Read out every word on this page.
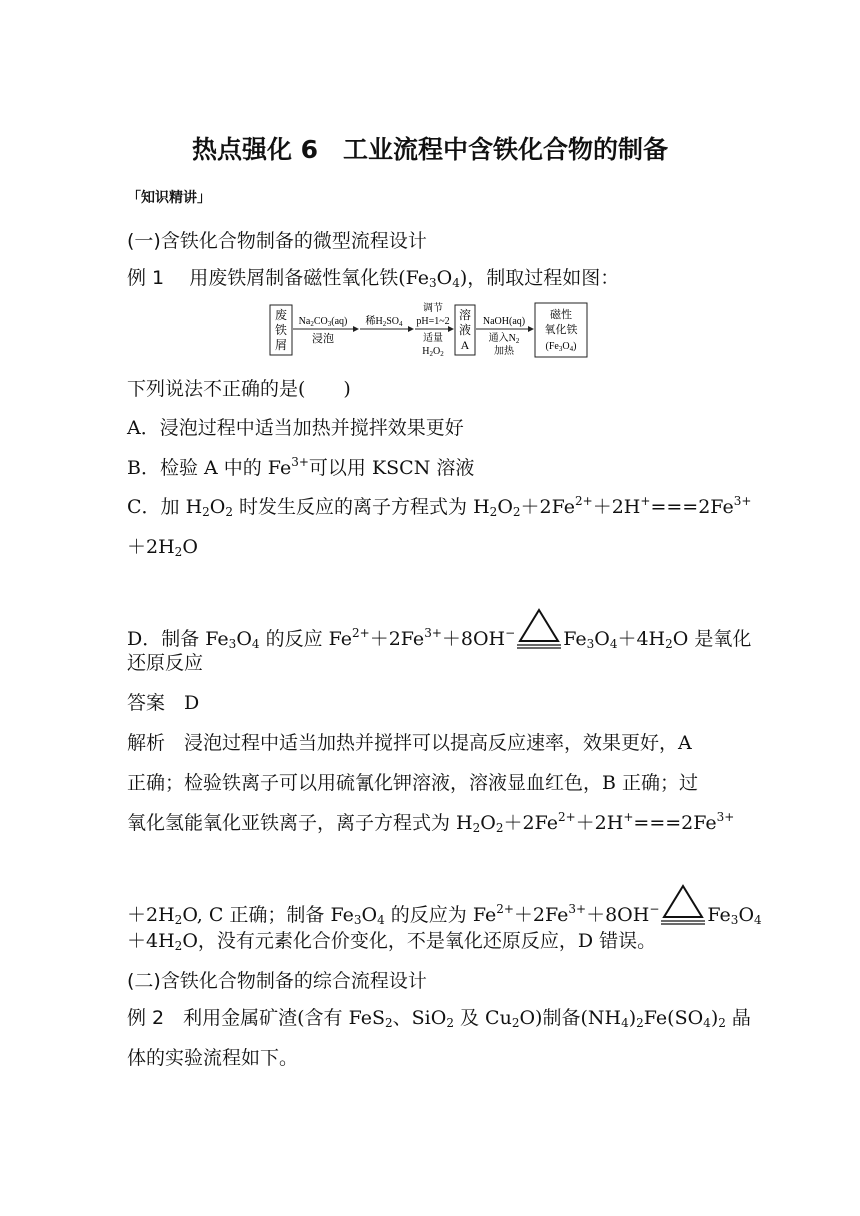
热点强化 6　工业流程中含铁化合物的制备
「知识精讲」
(一)含铁化合物制备的微型流程设计
例 1　 用废铁屑制备磁性氧化铁$(Fe_3O_4)$，制取过程如图：
废
铁
屑
$Na_2CO_3(aq)$
浸泡
稀$H_2SO_4$
调节
pH=1~2
适量
$H_2O_2$
溶
液
A
NaOH(aq)
通入$N_2$
加热
磁性
氧化铁
$(Fe_3O_4)$
下列说法不正确的是(　　)
A．浸泡过程中适当加热并搅拌效果更好
B．检验 A 中的 $Fe^{3+}$可以用 KSCN 溶液
C．加 $H_2O_2$ 时发生反应的离子方程式为 $H_2O_2+2Fe^{2+}+2H^+===2Fe^{3+}$
$+2H_2O$
D．制备 $Fe_3O_4$ 的反应 $Fe^{2+}+2Fe^{3+}+8OH^-$	$Fe_3O_4+4H_2O$ 是氧化
还原反应
答案　 D
解析　浸泡过程中适当加热并搅拌可以提高反应速率，效果更好，A
正确；检验铁离子可以用硫氰化钾溶液，溶液显血红色，B 正确；过
氧化氢能氧化亚铁离子，离子方程式为 $H_2O_2+2Fe^{2+}+2H^+===2Fe^{3+}$
$+2H_2O$, C 正确；制备 $Fe_3O_4$ 的反应为 $Fe^{2+}+2Fe^{3+}+8OH^-$	$Fe_3O_4$
$+4H_2O$，没有元素化合价变化，不是氧化还原反应，D 错误。
(二)含铁化合物制备的综合流程设计
例 2　利用金属矿渣(含有 FeS$_2$、SiO$_2$ 及 $Cu_2O$)制备$(NH_4)_2Fe(SO_4)_2$ 晶
体的实验流程如下。
